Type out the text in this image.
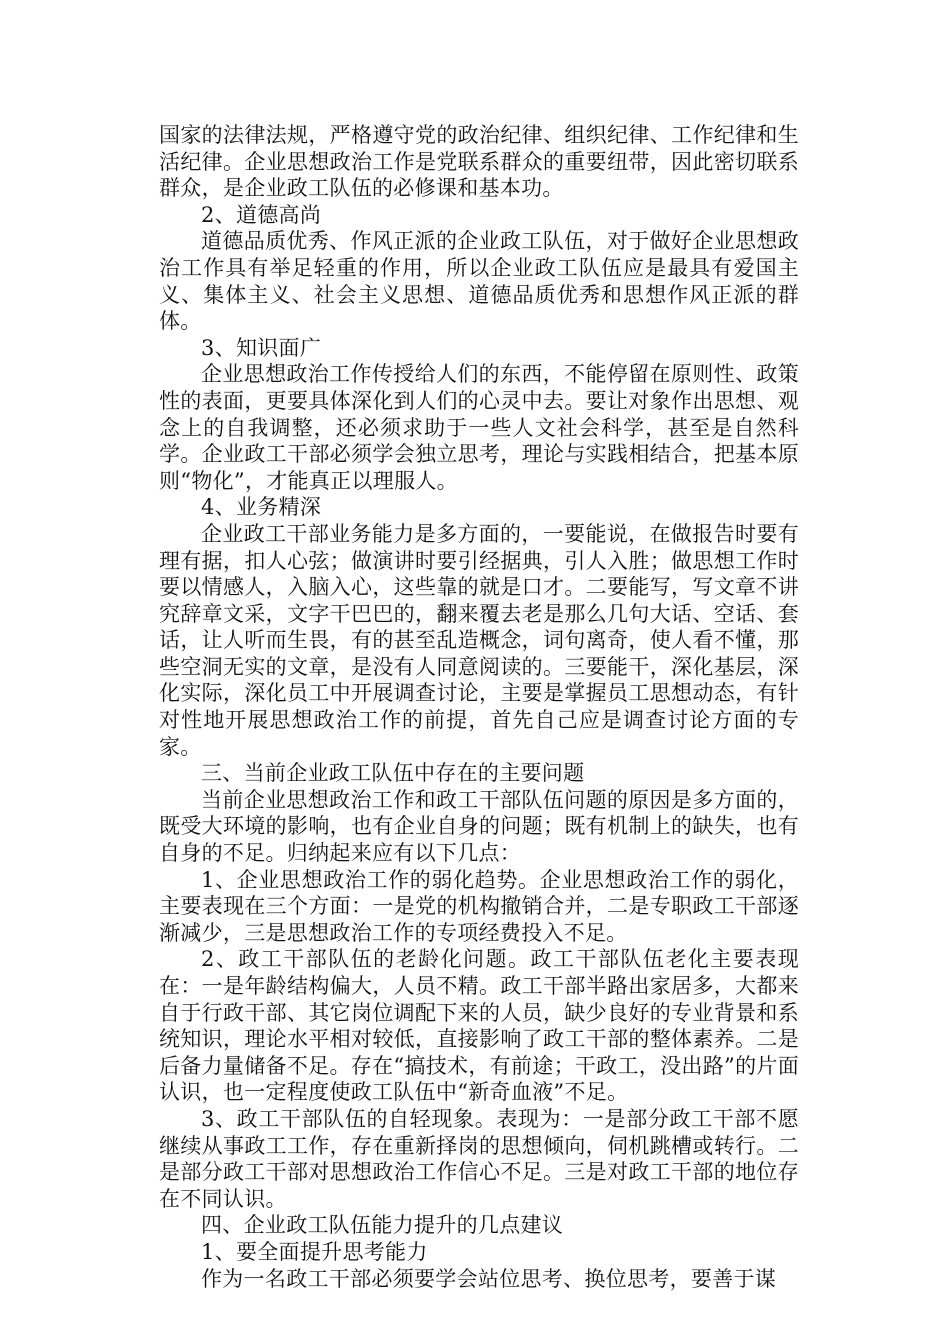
国家的法律法规，严格遵守党的政治纪律、组织纪律、工作纪律和生活纪律。企业思想政治工作是党联系群众的重要纽带，因此密切联系群众，是企业政工队伍的必修课和基本功。

2、道德高尚

道德品质优秀、作风正派的企业政工队伍，对于做好企业思想政治工作具有举足轻重的作用，所以企业政工队伍应是最具有爱国主义、集体主义、社会主义思想、道德品质优秀和思想作风正派的群体。

3、知识面广

企业思想政治工作传授给人们的东西，不能停留在原则性、政策性的表面，更要具体深化到人们的心灵中去。要让对象作出思想、观念上的自我调整，还必须求助于一些人文社会科学，甚至是自然科学。企业政工干部必须学会独立思考，理论与实践相结合，把基本原则“物化”，才能真正以理服人。

4、业务精深

企业政工干部业务能力是多方面的，一要能说，在做报告时要有理有据，扣人心弦；做演讲时要引经据典，引人入胜；做思想工作时要以情感人，入脑入心，这些靠的就是口才。二要能写，写文章不讲究辞章文采，文字干巴巴的，翻来覆去老是那么几句大话、空话、套话，让人听而生畏，有的甚至乱造概念，词句离奇，使人看不懂，那些空洞无实的文章，是没有人同意阅读的。三要能干，深化基层，深化实际，深化员工中开展调查讨论，主要是掌握员工思想动态，有针对性地开展思想政治工作的前提，首先自己应是调查讨论方面的专家。

三、当前企业政工队伍中存在的主要问题

当前企业思想政治工作和政工干部队伍问题的原因是多方面的，既受大环境的影响，也有企业自身的问题；既有机制上的缺失，也有自身的不足。归纳起来应有以下几点：

1、企业思想政治工作的弱化趋势。企业思想政治工作的弱化，主要表现在三个方面：一是党的机构撤销合并，二是专职政工干部逐渐减少，三是思想政治工作的专项经费投入不足。

2、政工干部队伍的老龄化问题。政工干部队伍老化主要表现在：一是年龄结构偏大，人员不精。政工干部半路出家居多，大都来自于行政干部、其它岗位调配下来的人员，缺少良好的专业背景和系统知识，理论水平相对较低，直接影响了政工干部的整体素养。二是后备力量储备不足。存在“搞技术，有前途；干政工，没出路”的片面认识，也一定程度使政工队伍中“新奇血液”不足。

3、政工干部队伍的自轻现象。表现为：一是部分政工干部不愿继续从事政工工作，存在重新择岗的思想倾向，伺机跳槽或转行。二是部分政工干部对思想政治工作信心不足。三是对政工干部的地位存在不同认识。

四、企业政工队伍能力提升的几点建议

1、要全面提升思考能力

作为一名政工干部必须要学会站位思考、换位思考，要善于谋
